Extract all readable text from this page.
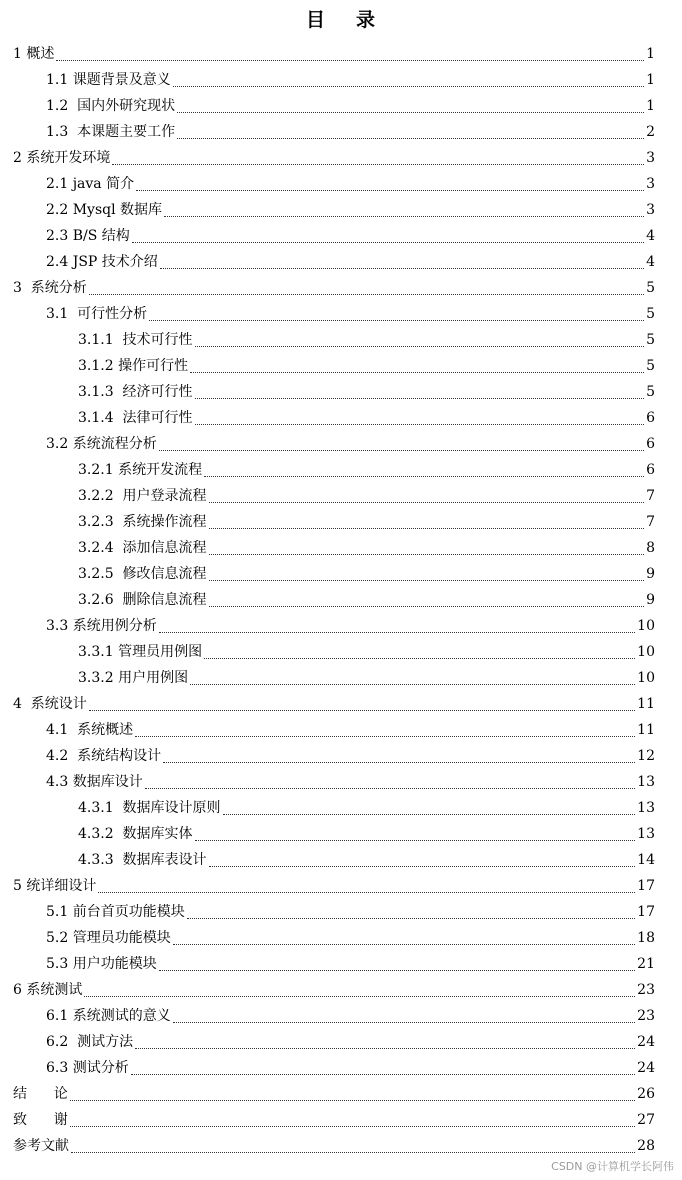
目 录
1 概述	1
1.1 课题背景及意义	1
1.2  国内外研究现状	1
1.3  本课题主要工作	2
2 系统开发环境	3
2.1 java 简介	3
2.2 Mysql 数据库	3
2.3 B/S 结构	4
2.4 JSP 技术介绍	4
3  系统分析	5
3.1  可行性分析	5
3.1.1  技术可行性	5
3.1.2 操作可行性	5
3.1.3  经济可行性	5
3.1.4  法律可行性	6
3.2 系统流程分析	6
3.2.1 系统开发流程	6
3.2.2  用户登录流程	7
3.2.3  系统操作流程	7
3.2.4  添加信息流程	8
3.2.5  修改信息流程	9
3.2.6  删除信息流程	9
3.3 系统用例分析	10
3.3.1 管理员用例图	10
3.3.2 用户用例图	10
4  系统设计	11
4.1  系统概述	11
4.2  系统结构设计	12
4.3 数据库设计	13
4.3.1  数据库设计原则	13
4.3.2  数据库实体	13
4.3.3  数据库表设计	14
5 统详细设计	17
5.1 前台首页功能模块	17
5.2 管理员功能模块	18
5.3 用户功能模块	21
6 系统测试	23
6.1 系统测试的意义	23
6.2  测试方法	24
6.3 测试分析	24
结      论	26
致      谢	27
参考文献	28
CSDN @计算机学长阿伟
